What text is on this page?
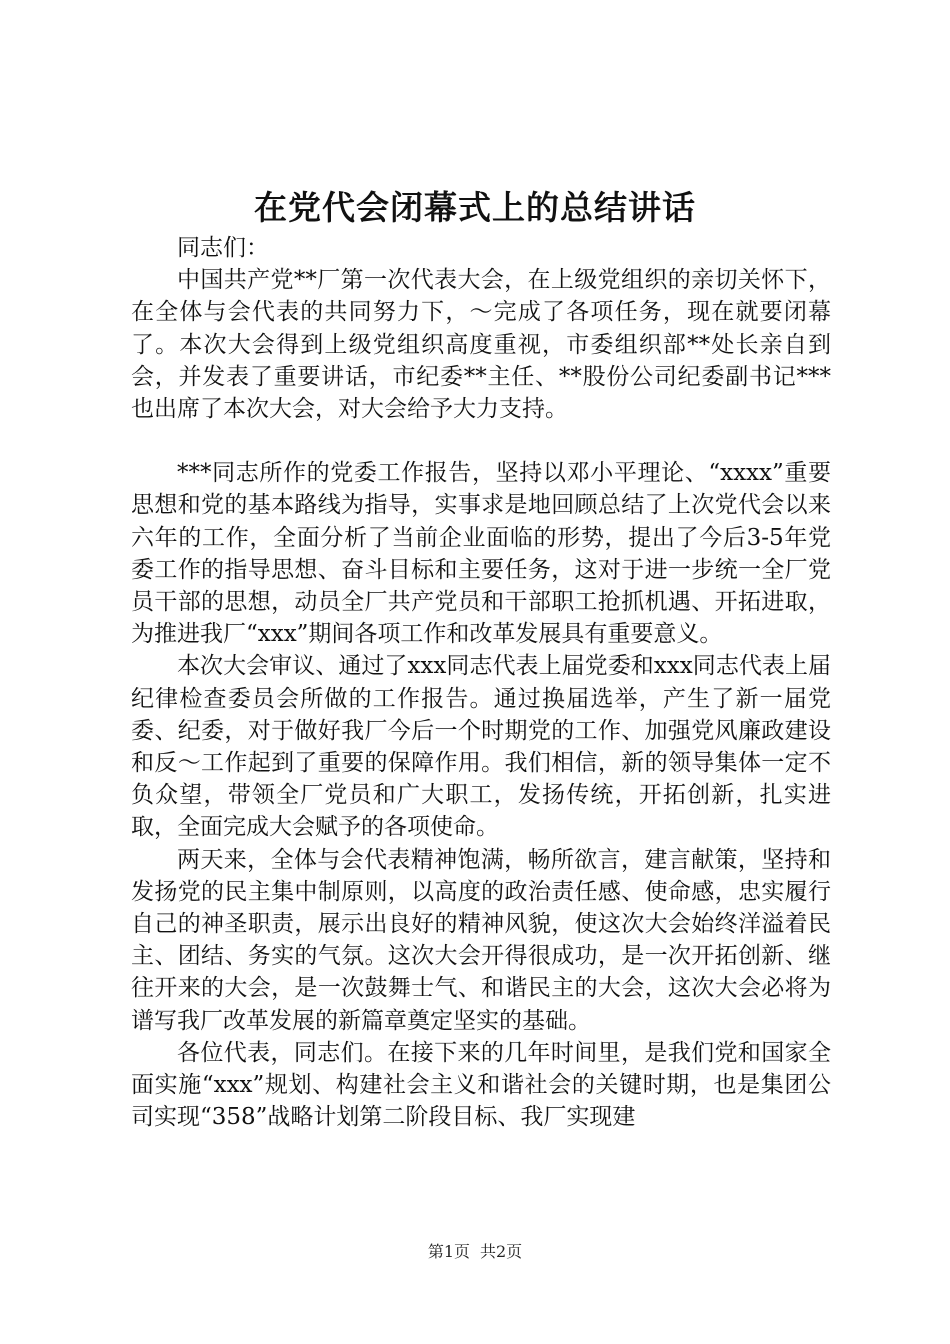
在党代会闭幕式上的总结讲话

同志们：

中国共产党**厂第一次代表大会，在上级党组织的亲切关怀下，在全体与会代表的共同努力下，～完成了各项任务，现在就要闭幕了。本次大会得到上级党组织高度重视，市委组织部**处长亲自到会，并发表了重要讲话，市纪委**主任、**股份公司纪委副书记***也出席了本次大会，对大会给予大力支持。

***同志所作的党委工作报告，坚持以邓小平理论、“xxxx”重要思想和党的基本路线为指导，实事求是地回顾总结了上次党代会以来六年的工作，全面分析了当前企业面临的形势，提出了今后3-5年党委工作的指导思想、奋斗目标和主要任务，这对于进一步统一全厂党员干部的思想，动员全厂共产党员和干部职工抢抓机遇、开拓进取，为推进我厂“xxx”期间各项工作和改革发展具有重要意义。

本次大会审议、通过了xxx同志代表上届党委和xxx同志代表上届纪律检查委员会所做的工作报告。通过换届选举，产生了新一届党委、纪委，对于做好我厂今后一个时期党的工作、加强党风廉政建设和反～工作起到了重要的保障作用。我们相信，新的领导集体一定不负众望，带领全厂党员和广大职工，发扬传统，开拓创新，扎实进取，全面完成大会赋予的各项使命。

两天来，全体与会代表精神饱满，畅所欲言，建言献策，坚持和发扬党的民主集中制原则，以高度的政治责任感、使命感，忠实履行自己的神圣职责，展示出良好的精神风貌，使这次大会始终洋溢着民主、团结、务实的气氛。这次大会开得很成功，是一次开拓创新、继往开来的大会，是一次鼓舞士气、和谐民主的大会，这次大会必将为谱写我厂改革发展的新篇章奠定坚实的基础。

各位代表，同志们。在接下来的几年时间里，是我们党和国家全面实施“xxx”规划、构建社会主义和谐社会的关键时期，也是集团公司实现“358”战略计划第二阶段目标、我厂实现建

第1页 共2页
